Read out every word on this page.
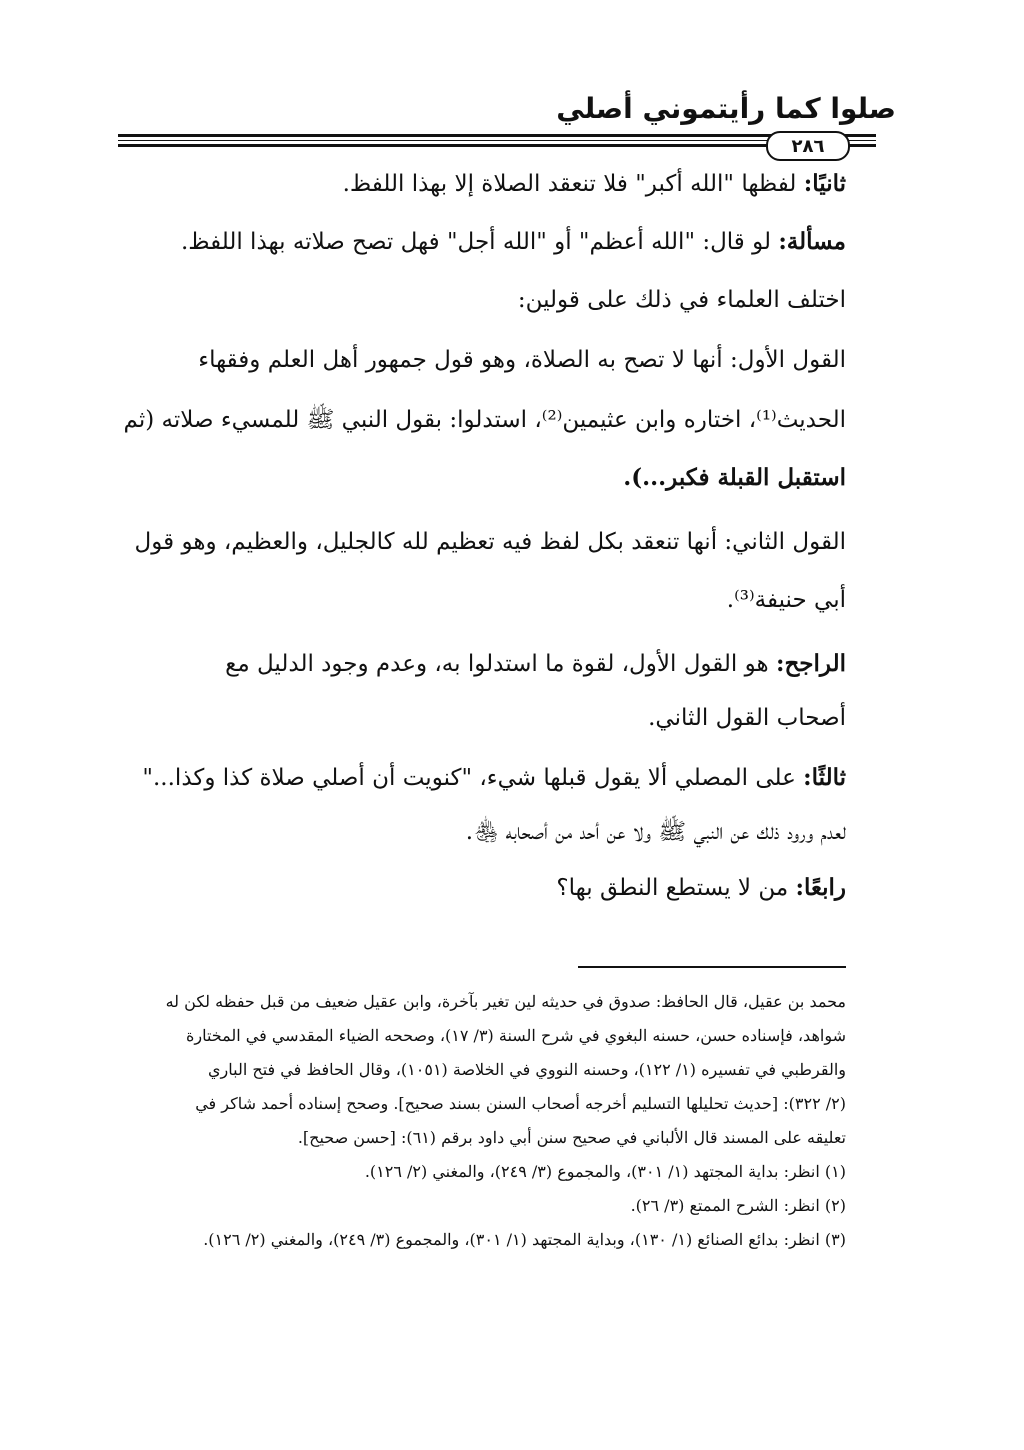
صلوا كما رأيتموني أصلي
٢٨٦
ثانيًا: لفظها "الله أكبر" فلا تنعقد الصلاة إلا بهذا اللفظ.
مسألة: لو قال: "الله أعظم" أو "الله أجل" فهل تصح صلاته بهذا اللفظ.
اختلف العلماء في ذلك على قولين:
القول الأول: أنها لا تصح به الصلاة، وهو قول جمهور أهل العلم وفقهاء
الحديث⁽¹⁾، اختاره وابن عثيمين⁽²⁾، استدلوا: بقول النبي ﷺ للمسيء صلاته (ثم
استقبل القبلة فكبر...).
القول الثاني: أنها تنعقد بكل لفظ فيه تعظيم لله كالجليل، والعظيم، وهو قول
أبي حنيفة⁽³⁾.
الراجح: هو القول الأول، لقوة ما استدلوا به، وعدم وجود الدليل مع
أصحاب القول الثاني.
ثالثًا: على المصلي ألا يقول قبلها شيء، "كنويت أن أصلي صلاة كذا وكذا..."
لعدم ورود ذلك عن النبي ﷺ ولا عن أحد من أصحابه ﵃.
رابعًا: من لا يستطع النطق بها؟
محمد بن عقيل، قال الحافظ: صدوق في حديثه لين تغير بآخرة، وابن عقيل ضعيف من قبل حفظه لكن له
شواهد، فإسناده حسن، حسنه البغوي في شرح السنة (٣/ ١٧)، وصححه الضياء المقدسي في المختارة
والقرطبي في تفسيره (١/ ١٢٢)، وحسنه النووي في الخلاصة (١٠٥١)، وقال الحافظ في فتح الباري
(٢/ ٣٢٢): [حديث تحليلها التسليم أخرجه أصحاب السنن بسند صحيح]. وصحح إسناده أحمد شاكر في
تعليقه على المسند قال الألباني في صحيح سنن أبي داود برقم (٦١): [حسن صحيح].
(١) انظر: بداية المجتهد (١/ ٣٠١)، والمجموع (٣/ ٢٤٩)، والمغني (٢/ ١٢٦).
(٢) انظر: الشرح الممتع (٣/ ٢٦).
(٣) انظر: بدائع الصنائع (١/ ١٣٠)، وبداية المجتهد (١/ ٣٠١)، والمجموع (٣/ ٢٤٩)، والمغني (٢/ ١٢٦).
